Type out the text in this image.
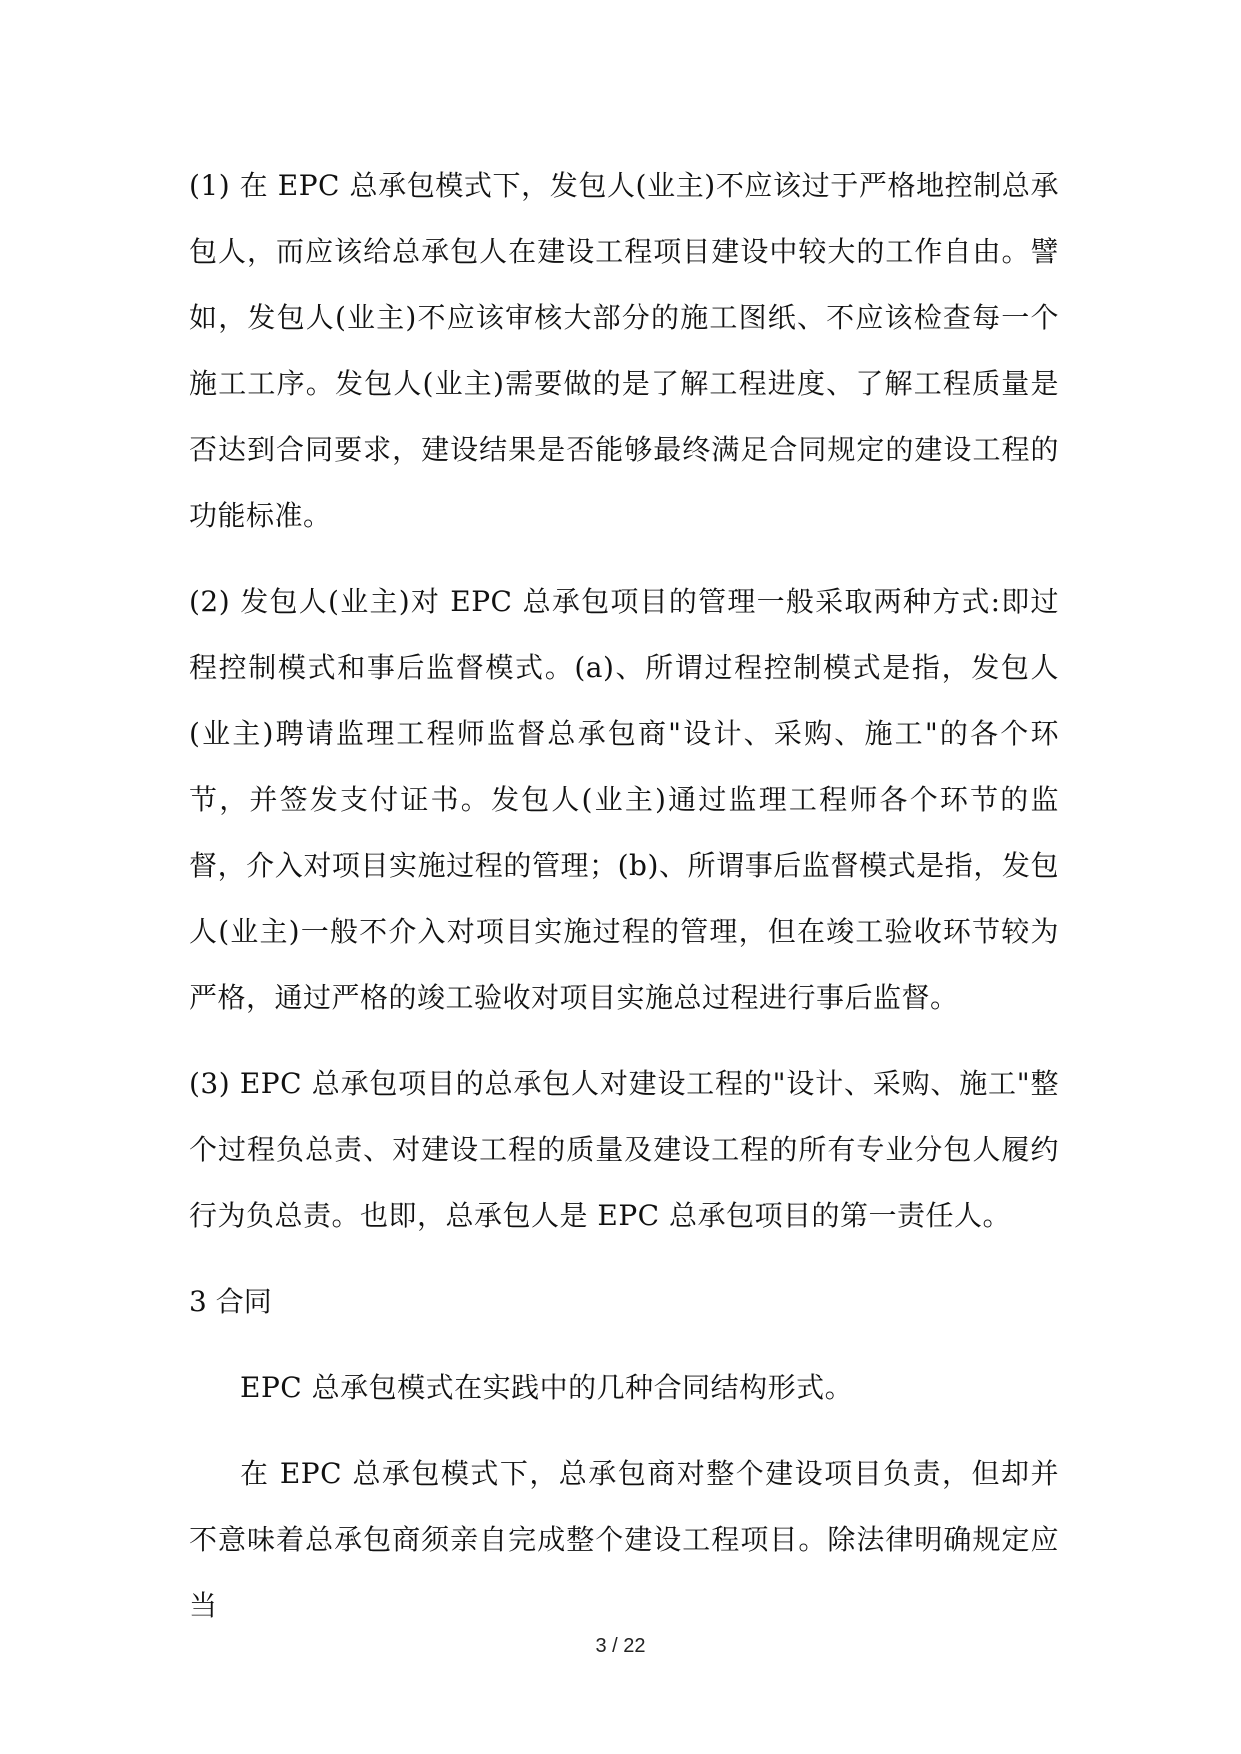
(1) 在 EPC 总承包模式下，发包人(业主)不应该过于严格地控制总承包人，而应该给总承包人在建设工程项目建设中较大的工作自由。譬如，发包人(业主)不应该审核大部分的施工图纸、不应该检查每一个施工工序。发包人(业主)需要做的是了解工程进度、了解工程质量是否达到合同要求，建设结果是否能够最终满足合同规定的建设工程的功能标准。

(2) 发包人(业主)对 EPC 总承包项目的管理一般采取两种方式:即过程控制模式和事后监督模式。(a)、所谓过程控制模式是指，发包人(业主)聘请监理工程师监督总承包商"设计、采购、施工"的各个环节，并签发支付证书。发包人(业主)通过监理工程师各个环节的监督，介入对项目实施过程的管理；(b)、所谓事后监督模式是指，发包人(业主)一般不介入对项目实施过程的管理，但在竣工验收环节较为严格，通过严格的竣工验收对项目实施总过程进行事后监督。

(3) EPC 总承包项目的总承包人对建设工程的"设计、采购、施工"整个过程负总责、对建设工程的质量及建设工程的所有专业分包人履约行为负总责。也即，总承包人是 EPC 总承包项目的第一责任人。

3 合同

EPC 总承包模式在实践中的几种合同结构形式。

在 EPC 总承包模式下，总承包商对整个建设项目负责，但却并不意味着总承包商须亲自完成整个建设工程项目。除法律明确规定应当

3 / 22
